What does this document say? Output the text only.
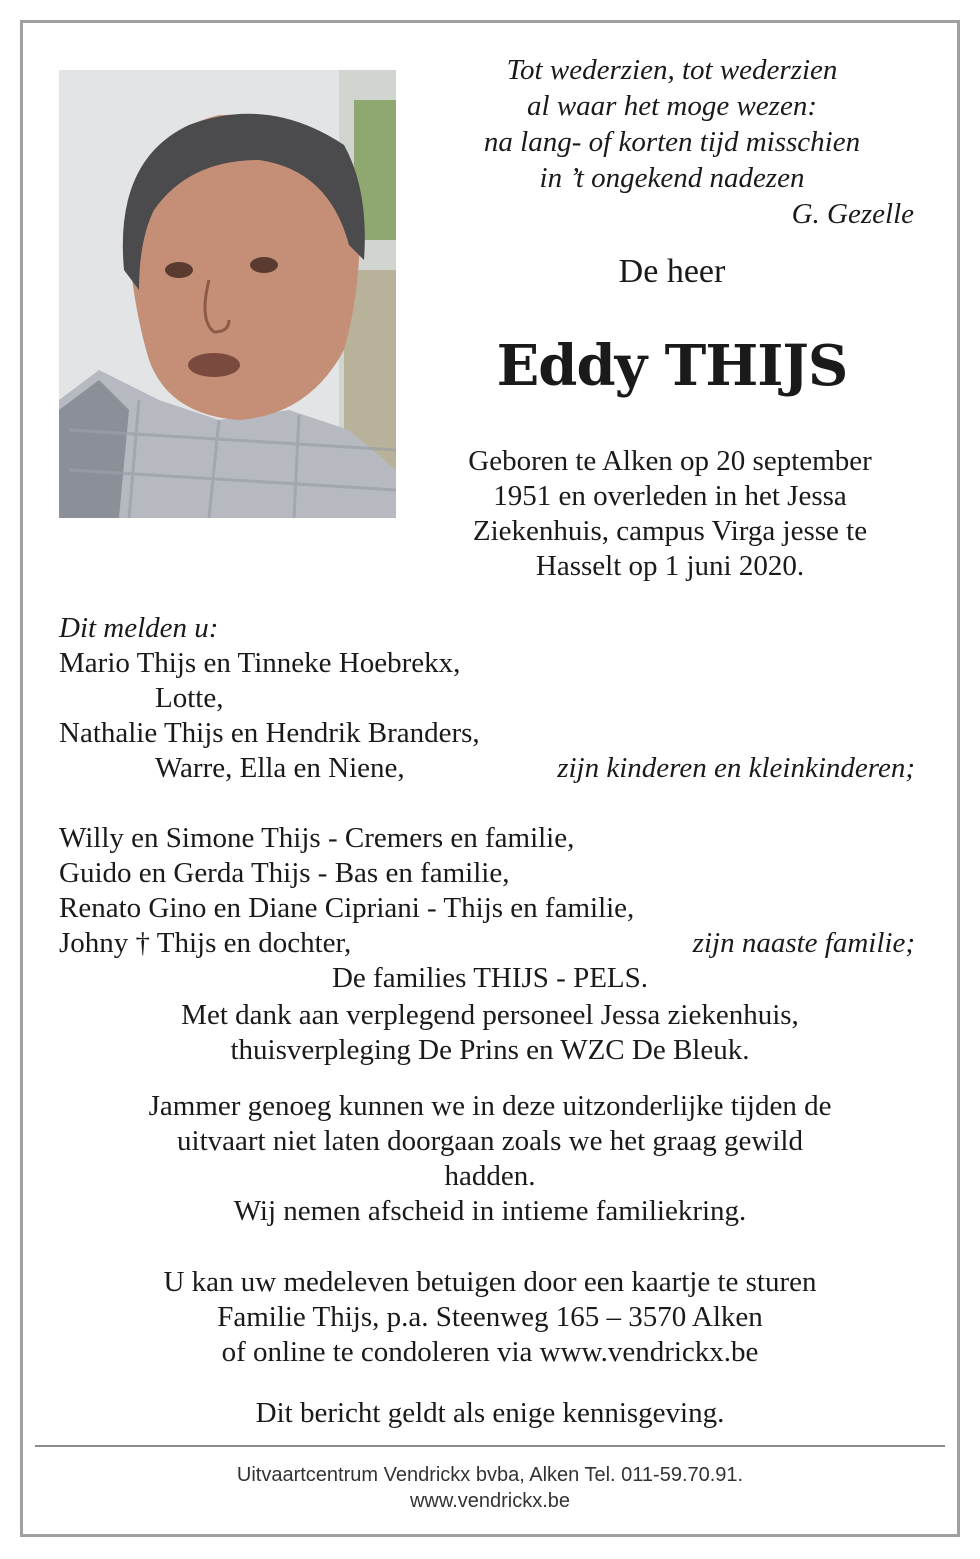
Tot wederzien, tot wederzien
al waar het moge wezen:
na lang- of korten tijd misschien
in ’t ongekend nadezen
G. Gezelle
De heer
Eddy THIJS
Geboren te Alken op 20 september
1951 en overleden in het Jessa
Ziekenhuis, campus Virga jesse te
Hasselt op 1 juni 2020.
Dit melden u:
Mario Thijs en Tinneke Hoebrekx,
Lotte,
Nathalie Thijs en Hendrik Branders,
Warre, Ella en Niene,	zijn kinderen en kleinkinderen;
Willy en Simone Thijs - Cremers en familie,
Guido en Gerda Thijs - Bas en familie,
Renato Gino en Diane Cipriani - Thijs en familie,
Johny † Thijs en dochter,	zijn naaste familie;
De families THIJS - PELS.
Met dank aan verplegend personeel Jessa ziekenhuis,
thuisverpleging De Prins en WZC De Bleuk.
Jammer genoeg kunnen we in deze uitzonderlijke tijden de
uitvaart niet laten doorgaan zoals we het graag gewild
hadden.
Wij nemen afscheid in intieme familiekring.
U kan uw medeleven betuigen door een kaartje te sturen
Familie Thijs, p.a. Steenweg 165 – 3570 Alken
of online te condoleren via www.vendrickx.be
Dit bericht geldt als enige kennisgeving.
Uitvaartcentrum Vendrickx bvba, Alken Tel. 011-59.70.91.
www.vendrickx.be
